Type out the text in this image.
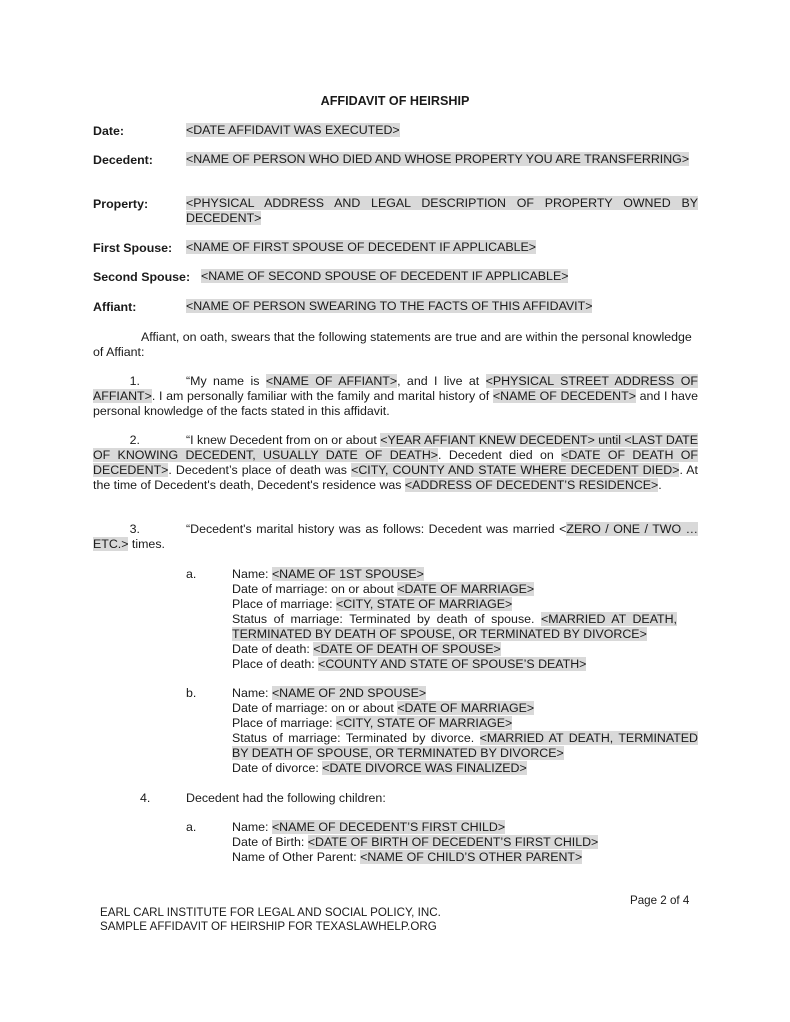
AFFIDAVIT OF HEIRSHIP
Date:	<DATE AFFIDAVIT WAS EXECUTED>
Decedent:	<NAME OF PERSON WHO DIED AND WHOSE PROPERTY YOU ARE TRANSFERRING>
Property:	<PHYSICAL ADDRESS AND LEGAL DESCRIPTION OF PROPERTY OWNED BY DECEDENT>
First Spouse: <NAME OF FIRST SPOUSE OF DECEDENT IF APPLICABLE>
Second Spouse: <NAME OF SECOND SPOUSE OF DECEDENT IF APPLICABLE>
Affiant:	<NAME OF PERSON SWEARING TO THE FACTS OF THIS AFFIDAVIT>
Affiant, on oath, swears that the following statements are true and are within the personal knowledge of Affiant:
1.	“My name is <NAME OF AFFIANT>, and I live at <PHYSICAL STREET ADDRESS OF AFFIANT>. I am personally familiar with the family and marital history of <NAME OF DECEDENT> and I have personal knowledge of the facts stated in this affidavit.
2.	“I knew Decedent from on or about <YEAR AFFIANT KNEW DECEDENT> until <LAST DATE OF KNOWING DECEDENT, USUALLY DATE OF DEATH>. Decedent died on <DATE OF DEATH OF DECEDENT>. Decedent’s place of death was <CITY, COUNTY AND STATE WHERE DECEDENT DIED>. At the time of Decedent's death, Decedent's residence was <ADDRESS OF DECEDENT’S RESIDENCE>.
3.	“Decedent's marital history was as follows: Decedent was married <ZERO / ONE / TWO … ETC.> times.
a.	Name: <NAME OF 1ST SPOUSE>
Date of marriage: on or about <DATE OF MARRIAGE>
Place of marriage: <CITY, STATE OF MARRIAGE>
Status of marriage: Terminated by death of spouse. <MARRIED AT DEATH, TERMINATED BY DEATH OF SPOUSE, OR TERMINATED BY DIVORCE>
Date of death: <DATE OF DEATH OF SPOUSE>
Place of death: <COUNTY AND STATE OF SPOUSE’S DEATH>
b.	Name: <NAME OF 2ND SPOUSE>
Date of marriage: on or about <DATE OF MARRIAGE>
Place of marriage: <CITY, STATE OF MARRIAGE>
Status of marriage: Terminated by divorce. <MARRIED AT DEATH, TERMINATED BY DEATH OF SPOUSE, OR TERMINATED BY DIVORCE>
Date of divorce: <DATE DIVORCE WAS FINALIZED>
4.	Decedent had the following children:
a.	Name: <NAME OF DECEDENT’S FIRST CHILD>
Date of Birth: <DATE OF BIRTH OF DECEDENT’S FIRST CHILD>
Name of Other Parent: <NAME OF CHILD’S OTHER PARENT>
Page 2 of 4
EARL CARL INSTITUTE FOR LEGAL AND SOCIAL POLICY, INC.
SAMPLE AFFIDAVIT OF HEIRSHIP FOR TEXASLAWHELP.ORG
